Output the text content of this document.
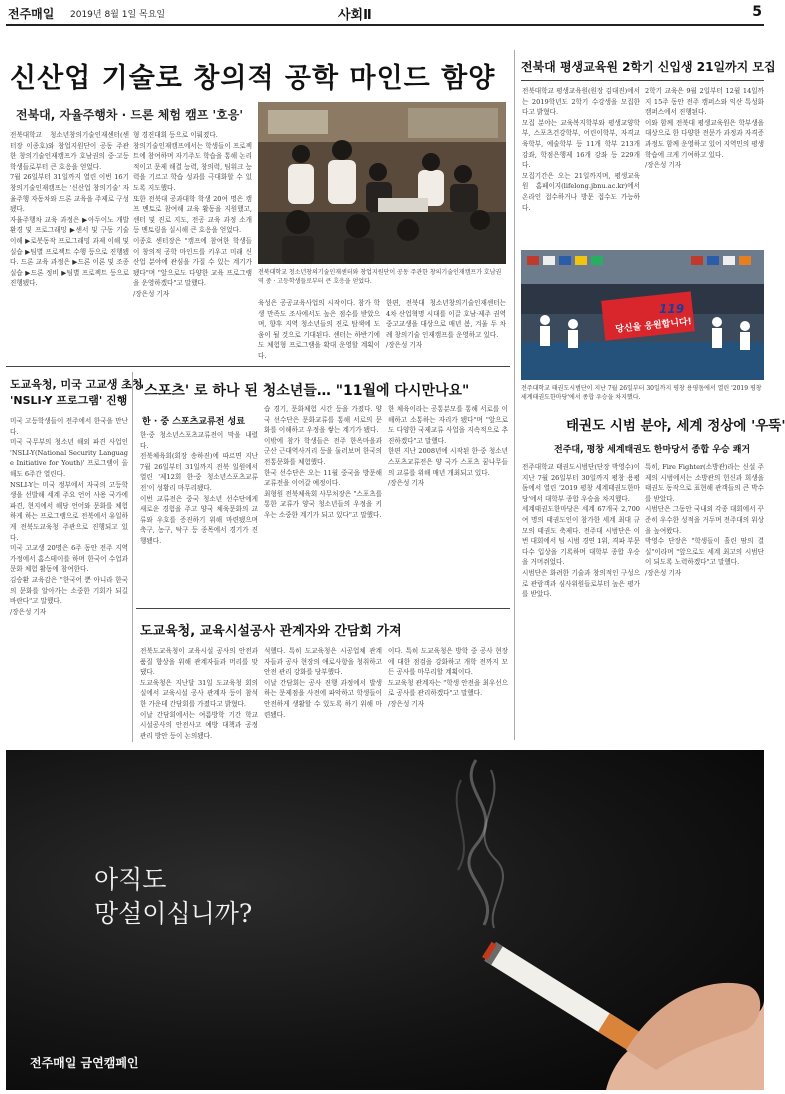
전주매일 2019년 8월 1일 목요일	사회Ⅱ	5
신산업 기술로 창의적 공학 마인드 함양
전북대, 자율주행차 · 드론 체험 캠프 '호응'
전북대학교 청소년창의기술인재센터(센터장 이종호)와 창업지원단이 공동 주관한 창의기술인재캠프가 호남권의 중·고등학생들로부터 큰 호응을 얻었다.
7월 26일부터 31일까지 열린 이번 16기 창의기술인재캠프는 '신산업 창의기술' 자율주행 자동차와 드론 교육을 주제로 구성됐다.
자율주행차 교육 과정은 ▶아두이노 개발 환경 및 프로그래밍 ▶센서 및 구동 기술 이해 ▶로봇동작 프로그래밍 과제 이해 및 실습 ▶팀별 프로젝트 수행 등으로 진행됐다. 드론 교육 과정은 ▶드론 이론 및 조종 실습 ▶드론 정비 ▶팀별 프로젝트 등으로 진행됐다.
형 경진대회 등으로 이뤄졌다.
창의기술인재캠프에서는 학생들이 프로젝트에 참여하며 자기주도 학습을 통해 논리적이고 문제 해결 능력, 창의력, 팀워크 능력을 기르고 학습 성과를 극대화할 수 있도록 지도했다.
또한 전북대 공과대학 학생 20여 명은 캠프 멘토로 참여해 교육 활동을 지원했고, 센터 및 진로 지도, 전공 교육 과정 소개 등 멘토링을 실시해 큰 호응을 얻었다.
이종호 센터장은 "캠프에 참여한 학생들이 창의적 공학 마인드를 키우고 미래 신산업 분야에 관심을 가질 수 있는 계기가 됐다"며 "앞으로도 다양한 교육 프로그램을 운영하겠다"고 말했다.
/장은성 기자
전북대학교 청소년창의기술인재센터와 창업지원단이 공동 주관한 창의기술인재캠프가 호남권역 중 · 고등학생들로부터 큰 호응을 얻었다.
육성은 공공교육사업의 시작이다. 참가 학생 만족도 조사에서도 높은 점수를 받았으며, 향후 지역 청소년들의 진로 탐색에 도움이 될 것으로 기대된다. 센터는 하반기에도 체험형 프로그램을 확대 운영할 계획이다.
한편, 전북대 청소년창의기술인재센터는 4차 산업혁명 시대를 이끌 호남·제주 권역 중고교생을 대상으로 매년 봄, 겨울 두 차례 창의기술 인재캠프를 운영하고 있다.
/장은성 기자
전북대 평생교육원 2학기 신입생 21일까지 모집
전북대학교 평생교육원(원장 김대진)에서는 2019학년도 2학기 수강생을 모집한다고 밝혔다.
모집 분야는 교육복지학부와 평생교양학부, 스포츠건강학부, 어린이학부, 자격교육학부, 예술학부 등 11개 학부 213개 강좌, 학점은행제 16개 강좌 등 229개다.
모집기간은 오는 21일까지며, 평생교육원 홈페이지(lifelong.jbnu.ac.kr)에서 온라인 접수하거나 방문 접수도 가능하다.
2학기 교육은 9월 2일부터 12월 14일까지 15주 동안 전주 캠퍼스와 익산 특성화캠퍼스에서 진행된다.
이와 함께 전북대 평생교육원은 학부생을 대상으로 한 다양한 전문가 과정과 자격증 과정도 함께 운영하고 있어 지역민의 평생학습에 크게 기여하고 있다.
/장은성 기자
119
당신을 응원합니다!
전주대학교 태권도시범단이 지난 7월 26일부터 30일까지 평창 용평돔에서 열린 '2019 평창 세계태권도한마당'에서 종합 우승을 차지했다.
태권도 시범 분야, 세계 정상에 '우뚝'
전주대, 평창 세계태권도 한마당서 종합 우승 쾌거
전주대학교 태권도시범단(단장 박영수)이 지난 7월 26일부터 30일까지 평창 용평돔에서 열린 '2019 평창 세계태권도한마당'에서 대학부 종합 우승을 차지했다.
세계태권도한마당은 세계 67개국 2,700여 명의 태권도인이 참가한 세계 최대 규모의 태권도 축제다. 전주대 시범단은 이번 대회에서 팀 시범 경연 1위, 격파 부문 다수 입상을 기록하며 대학부 종합 우승을 거머쥐었다.
시범단은 화려한 기술과 창의적인 구성으로 관람객과 심사위원들로부터 높은 평가를 받았다.
특히, Fire Fighter(소방관)라는 신설 주제의 시범에서는 소방관의 헌신과 희생을 태권도 동작으로 표현해 관객들의 큰 박수를 받았다.
시범단은 그동안 국내외 각종 대회에서 꾸준히 우수한 성적을 거두며 전주대의 위상을 높여왔다.
박영수 단장은 "학생들이 흘린 땀의 결실"이라며 "앞으로도 세계 최고의 시범단이 되도록 노력하겠다"고 말했다.
/장은성 기자
도교육청, 미국 고교생 초청
'NSLI-Y 프로그램' 진행
미국 고등학생들이 전주에서 한국을 만난다.
미국 국무부의 청소년 해외 파견 사업인 'NSLI-Y(National Security Language Initiative for Youth)' 프로그램이 올해도 6주간 열린다.
NSLI-Y는 미국 정부에서 자국의 고등학생을 선발해 세계 주요 언어 사용 국가에 파견, 현지에서 해당 언어와 문화를 체험하게 하는 프로그램으로 전북에서 유일하게 전북도교육청 주관으로 진행되고 있다.
미국 고교생 20명은 6주 동안 전주 지역 가정에서 홈스테이를 하며 한국어 수업과 문화 체험 활동에 참여한다.
김승환 교육감은 "한국어 뿐 아니라 한국의 문화를 알아가는 소중한 기회가 되길 바란다"고 말했다.
/장은성 기자
'스포츠' 로 하나 된 청소년들… "11월에 다시만나요"
한 · 중 스포츠교류전 성료
한·중 청소년스포츠교류전이 막을 내렸다.
전북체육회(회장 송하진)에 따르면 지난 7월 26일부터 31일까지 전북 일원에서 열린 '제12회 한·중 청소년스포츠교류전'이 성황리 마무리됐다.
이번 교류전은 중국 청소년 선수단에게 새로운 경험을 주고 양국 체육문화의 교류와 우호를 증진하기 위해 마련됐으며 축구, 농구, 탁구 등 종목에서 경기가 진행됐다.
습 경기, 문화체험 시간 등을 가졌다. 양국 선수단은 문화교류를 통해 서로의 문화를 이해하고 우정을 쌓는 계기가 됐다.
이밖에 참가 학생들은 전주 한옥마을과 군산 근대역사거리 등을 둘러보며 한국의 전통문화를 체험했다.
한국 선수단은 오는 11월 중국을 방문해 교류전을 이어갈 예정이다.
최형원 전북체육회 사무처장은 "스포츠를 통한 교류가 양국 청소년들의 우정을 키우는 소중한 계기가 되고 있다"고 말했다.
한 체육이라는 공통분모를 통해 서로를 이해하고 소통하는 자리가 됐다"며 "앞으로도 다양한 국제교류 사업을 지속적으로 추진하겠다"고 말했다.
한편 지난 2008년에 시작된 한·중 청소년스포츠교류전은 양 국가 스포츠 꿈나무들의 교류를 위해 매년 개최되고 있다.
/장은성 기자
도교육청, 교육시설공사 관계자와 간담회 가져
전북도교육청이 교육시설 공사의 안전과 품질 향상을 위해 관계자들과 머리를 맞댔다.
도교육청은 지난달 31일 도교육청 회의실에서 교육시설 공사 관계자 등이 참석한 가운데 간담회를 가졌다고 밝혔다.
이날 간담회에서는 여름방학 기간 학교 시설공사의 안전사고 예방 대책과 공정 관리 방안 등이 논의됐다.
석했다. 특히 도교육청은 시공업체 관계자들과 공사 현장의 애로사항을 청취하고 안전 관리 강화를 당부했다.
이날 간담회는 공사 진행 과정에서 발생하는 문제점을 사전에 파악하고 학생들이 안전하게 생활할 수 있도록 하기 위해 마련됐다.
이다. 특히 도교육청은 방학 중 공사 현장에 대한 점검을 강화하고 개학 전까지 모든 공사를 마무리할 계획이다.
도교육청 관계자는 "학생 안전을 최우선으로 공사를 관리하겠다"고 말했다.
/장은성 기자
아직도
망설이십니까?
전주매일 금연캠페인
